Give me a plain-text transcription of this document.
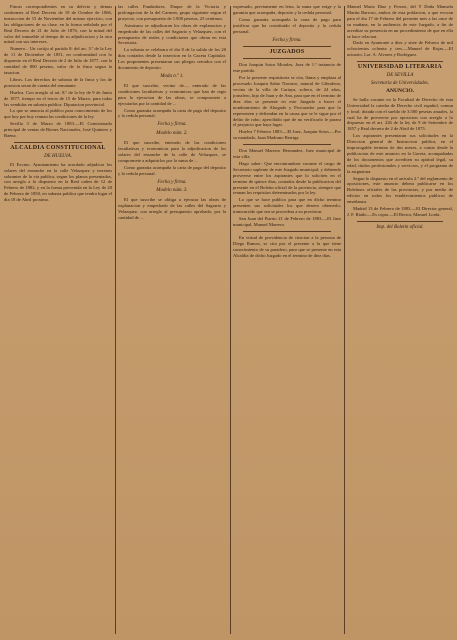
Fincas correspondientes en su defecto y demas conformes al Real Decreto de 19 de Octubre de 1866, instruccion de 15 de Noviembre del mismo ejercicio, con las obligaciones de su clase, en la forma señalada por el Real Decreto de 21 de Julio de 1876, con la mitad del valor del inmueble al tiempo de su adjudicacion y la otra mitad con sus intereses.

Numero... Un cortijo al partido 8: del art. 3.º de la Ley de 11 de Diciembre de 1851, en conformidad con lo dispuesto en el Real Decreto de 2 de Julio de 1877, con la cantidad de 800 pesetas, valor de la finca segun la tasacion.

Libros. Los derechos de subasta de la finca y los de posesion seran de cuenta del rematante.

Huelva. Con arreglo al art. 8.º de la ley de 9 de Junio de 1877, tiempo en el tercio de 15 de Marzo, para todas las vendidas en subasta publica. Diputacion provincial.

Lo que se anuncia al publico para conocimiento de los que hoy por hoy reunan las condiciones de la ley.

Sevilla 3 de Marzo de 1883.—El Comisionado principal de ventas de Bienes Nacionales, José Quintero y Baena.

ALCALDIA CONSTITUCIONAL
DE HUELVA.

El Excmo. Ayuntamiento ha acordado adjudicar los solares del ensanche en la calle Velazquez y terrenos sobrantes de la via publica, segun los planos presentados, con arreglo a lo dispuesto en la Real orden de 12 de Febrero de 1882, y en la forma prevenida en la Ley de 20 de Febrero de 1850, en subasta publica que tendra lugar el dia 18 de Abril proximo.

las calles Fundadores, Duque de la Victoria y prolongacion de la del Carmen, grupo siguiente segun el proyecto, con presupuesto de 1.800 pesetas, 25 centimos.

Asimismo se adjudicaran los obras de explanacion y empedrado de las calles del Sagrario y Velazquez, con el presupuesto de reales y condiciones que obran en esta Secretaria.

La subasta se celebrara el dia 8 de la salida de los 20 dias contados desde la insercion en la Gaceta Capitular. Los proponentes presentaran sus pliegos cerrados con el documento de deposito.

Moda n.º 1.

El que suscribe, vecino de..., enterado de las condiciones facultativas y economicas que han de regir para la ejecucion de las obras, se compromete a ejecutarlas por la cantidad de ...

Como garantia acompaña la carta de pago del deposito y la cedula personal.

Fecha y firma.
Modelo núm. 2.

El que suscribe, enterado de las condiciones facultativas y economicas para la adjudicacion de los solares del ensanche de la calle de Velazquez, se compromete a adquirirlos por la suma de ...

Como garantia acompaña la carta de pago del deposito y la cedula personal.

Fecha y firma.
Modelo núm. 3.

El que suscribe se obliga a ejecutar las obras de explanacion y empedrado de las calles del Sagrario y Velazquez, con arreglo al presupuesto aprobado, por la cantidad de ...

expresado, previamente en letra, la suma que exige y la garantia que acompaña, deposito y la cedula personal.

Como garantia acompaña la carta de pago para justificar que ha constituido el deposito y la cedula personal.

Fecha y firma.
JUZGADOS

Don Joaquin Sotos Morales, Juez de 1.ª instancia de este partido.

Por la presente requisitoria se cita, llama y emplaza al procesado Joaquin Sabio Navarro, natural de Gibraleon, vecino de la villa de Cartaya, soltero, de 24 años, jornalero, hijo de Juan y de Ana, para que en el termino de diez dias se presente en este Juzgado a hacer el nombramiento de Abogado y Procurador para que lo representen y defiendan en la causa que se le sigue por el delito de robo; apercibido que de no verificarlo le parara el perjuicio que haya lugar.

Huelva 7 Febrero 1883.—El Juez, Joaquin Sotos.—Por su mandado, Juan Madrano Berriga.

Don Manuel Marrero Hernandez, Juez municipal de esta villa.

Hago saber: Que encontrandose vacante el cargo de Secretario suplente de este Juzgado municipal, y debiendo proveerse entre los aspirantes que lo soliciten en el termino de quince dias, contados desde la publicacion del presente en el Boletin oficial de la provincia, siempre que reunan los requisitos determinados por la ley.

Lo que se hace publico para que en dicho termino presenten sus solicitudes los que deseen obtenerlo; transcurrido que sea se procedera a su provision.

San Juan del Puerto 21 de Febrero de 1883.—El Juez municipal, Manuel Marrero.

En virtud de providencia de citacion a la persona de Diego Ramos, se cita por el presente a la que tiene conocimiento de su paradero, para que se presente en esta Alcaldia de dicho Juzgado en el termino de diez dias.

Manuel Maria Diaz y Ferrari, del Y Doña Manuela Martin Barroso, ambos de esta poblacion, a que evocan para el dia 17 de Febrero del presente mes a las once de su mañana, en la audiencia de este Juzgado, a fin de acreditar su presencia en un procedimiento de que en ella se hace relacion.

Dado en Ayamonte a diez y siete de Febrero de mil ochocientos ochenta y tres.—Manuel de Rojas.—El actuario, Lor. A. Alvarez y Rodriguez.

UNIVERSIDAD LITERARIA
DE SEVILLA
Secretaria de Universidades.
ANUNCIO.

Se halla vacante en la Facultad de Derecho de esta Universidad la catedra de Derecho civil español, comun y foral, dotada con el sueldo de 3.500 pesetas anuales, la cual ha de proveerse por oposicion con arreglo a lo dispuesto en el art. 226 de la ley de 9 de Setiembre de 1857 y Real decreto de 2 de Abril de 1875.

Los aspirantes presentaran sus solicitudes en la Direccion general de Instruccion publica, en el improrogable termino de dos meses, a contar desde la publicacion de este anuncio en la Gaceta, acompañadas de los documentos que acrediten su aptitud legal, su edad, titulos profesionales y servicios, y el programa de la asignatura.

Segun lo dispuesto en el articulo 2.º del reglamento de oposiciones, este anuncio debera publicarse en los Boletines oficiales de las provincias, y por medio de edictos en todos los establecimientos publicos de enseñanza.

Madrid 13 de Febrero de 1883.—El Director general, J. F. Riaño.—Es copia.—El Rector, Manuel Lorda.

Imp. del Boletin oficial.
